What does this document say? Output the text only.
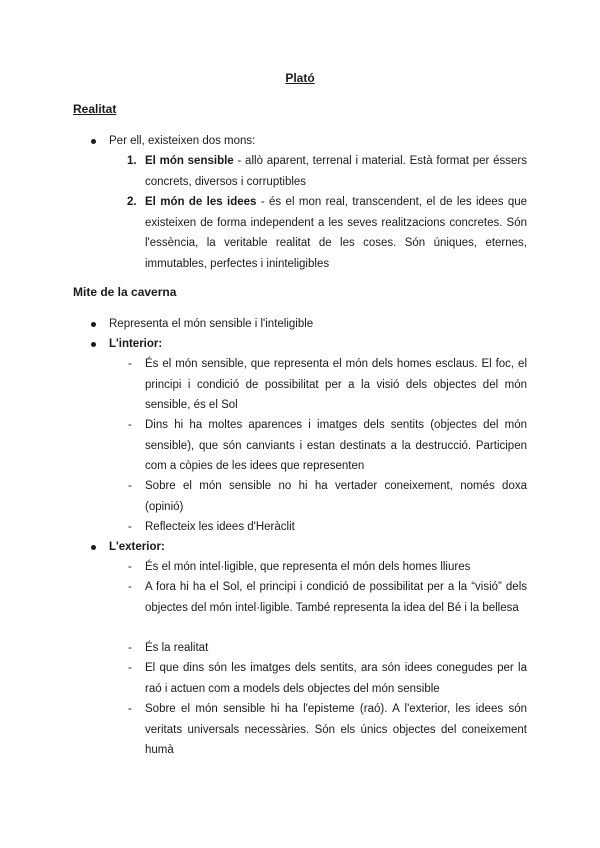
Plató
Realitat
Per ell, existeixen dos mons:
1. El món sensible - allò aparent, terrenal i material. Està format per éssers concrets, diversos i corruptibles
2. El món de les idees - és el mon real, transcendent, el de les idees que existeixen de forma independent a les seves realitzacions concretes. Són l'essència, la veritable realitat de les coses. Són úniques, eternes, immutables, perfectes i ininteligibles
Mite de la caverna
Representa el món sensible i l'inteligible
L'interior:
- És el món sensible, que representa el món dels homes esclaus. El foc, el principi i condició de possibilitat per a la visió dels objectes del món sensible, és el Sol
- Dins hi ha moltes aparences i imatges dels sentits (objectes del món sensible), que són canviants i estan destinats a la destrucció. Participen com a còpies de les idees que representen
- Sobre el món sensible no hi ha vertader coneixement, només doxa (opinió)
- Reflecteix les idees d'Heràclit
L'exterior:
- És el món intel·ligible, que representa el món dels homes lliures
- A fora hi ha el Sol, el principi i condició de possibilitat per a la “visió” dels objectes del món intel·ligible. També representa la idea del Bé i la bellesa
- És la realitat
- El que dins són les imatges dels sentits, ara són idees conegudes per la raó i actuen com a models dels objectes del món sensible
- Sobre el món sensible hi ha l'episteme (raó). A l'exterior, les idees són veritats universals necessàries. Són els únics objectes del coneixement humà
